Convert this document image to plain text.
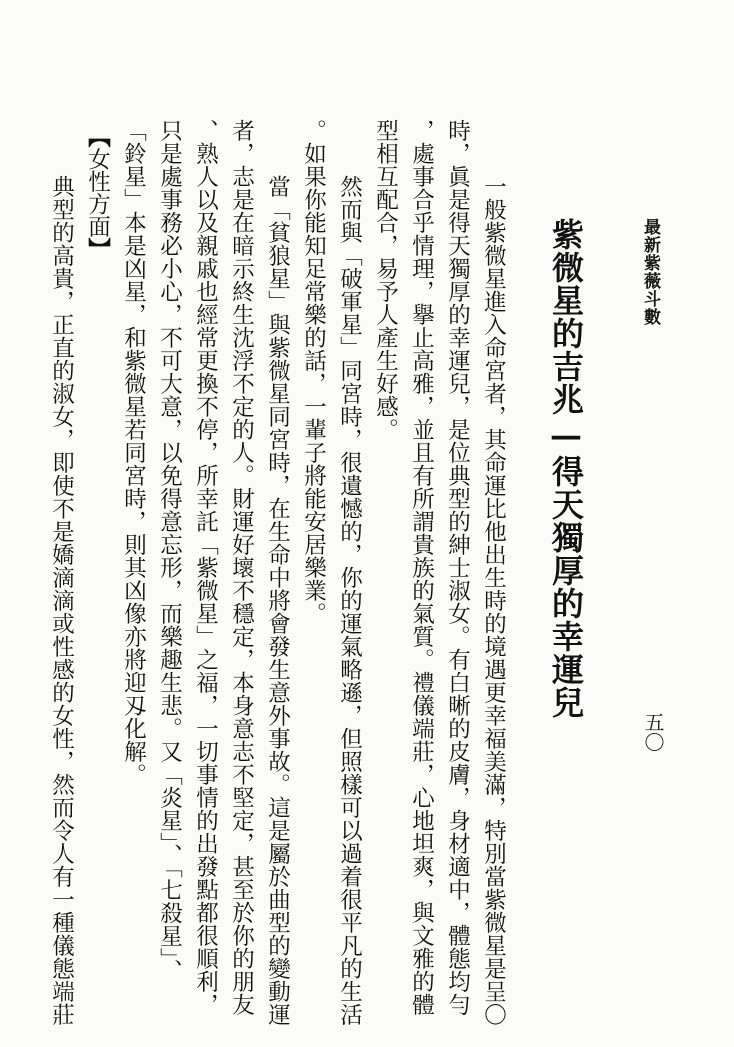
最新紫薇斗數
五〇
紫微星的吉兆—得天獨厚的幸運兒
一般紫微星進入命宮者，其命運比他出生時的境遇更幸福美滿，特別當紫微星是呈〇
時，眞是得天獨厚的幸運兒，是位典型的紳士淑女。有白晰的皮膚，身材適中，體態均勻
，處事合乎情理，擧止高雅，並且有所謂貴族的氣質。禮儀端莊，心地坦爽，與文雅的體
型相互配合，易予人產生好感。
然而與「破軍星」同宮時，很遺憾的，你的運氣略遜，但照樣可以過着很平凡的生活
。如果你能知足常樂的話，一輩子將能安居樂業。
當「貧狼星」與紫微星同宮時，在生命中將會發生意外事故。這是屬於曲型的變動運
者，志是在暗示終生沈浮不定的人。財運好壞不穩定，本身意志不堅定，甚至於你的朋友
、熟人以及親戚也經常更換不停，所幸託「紫微星」之福，一切事情的出發點都很順利，
只是處事務必小心，不可大意，以免得意忘形，而樂趣生悲。又「炎星」、「七殺星」、
「鈴星」本是凶星，和紫微星若同宮時，則其凶像亦將迎刄化解。
【女性方面】
典型的高貴，正直的淑女，即使不是嬌滴滴或性感的女性，然而令人有一種儀態端莊
